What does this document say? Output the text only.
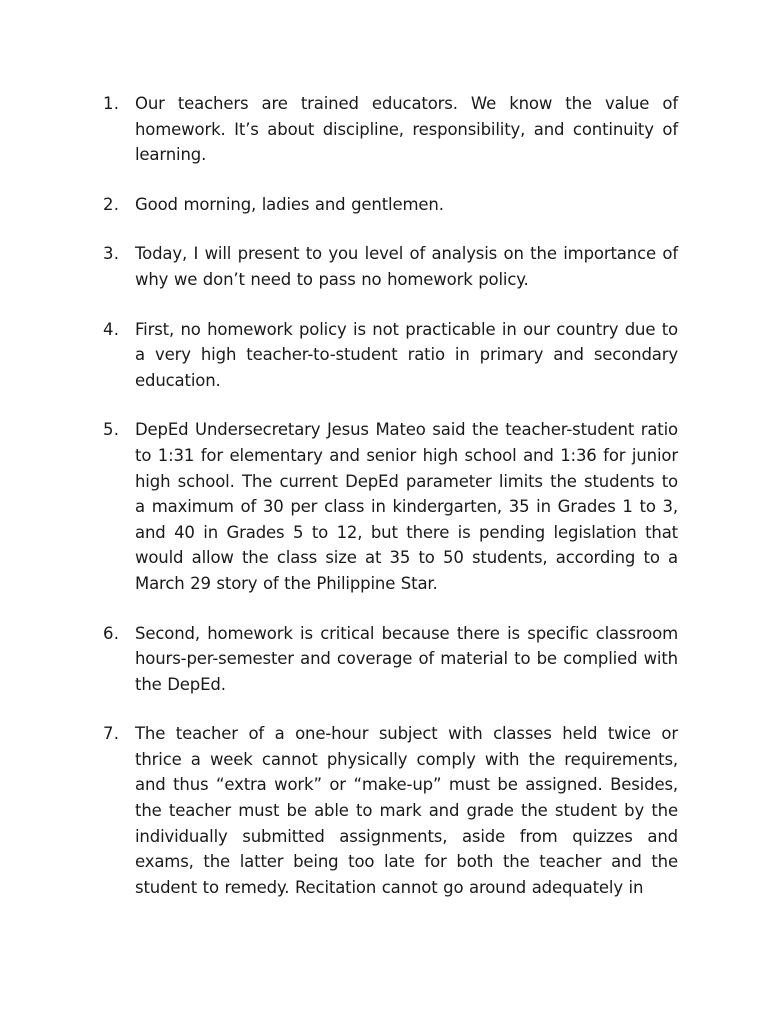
1. Our teachers are trained educators. We know the value of homework. It’s about discipline, responsibility, and continuity of learning.
2. Good morning, ladies and gentlemen.
3. Today, I will present to you level of analysis on the importance of why we don’t need to pass no homework policy.
4. First, no homework policy is not practicable in our country due to a very high teacher-to-student ratio in primary and secondary education.
5. DepEd Undersecretary Jesus Mateo said the teacher-student ratio to 1:31 for elementary and senior high school and 1:36 for junior high school. The current DepEd parameter limits the students to a maximum of 30 per class in kindergarten, 35 in Grades 1 to 3, and 40 in Grades 5 to 12, but there is pending legislation that would allow the class size at 35 to 50 students, according to a March 29 story of the Philippine Star.
6. Second, homework is critical because there is specific classroom hours-per-semester and coverage of material to be complied with the DepEd.
7. The teacher of a one-hour subject with classes held twice or thrice a week cannot physically comply with the requirements, and thus “extra work” or “make-up” must be assigned. Besides, the teacher must be able to mark and grade the student by the individually submitted assignments, aside from quizzes and exams, the latter being too late for both the teacher and the student to remedy. Recitation cannot go around adequately in
